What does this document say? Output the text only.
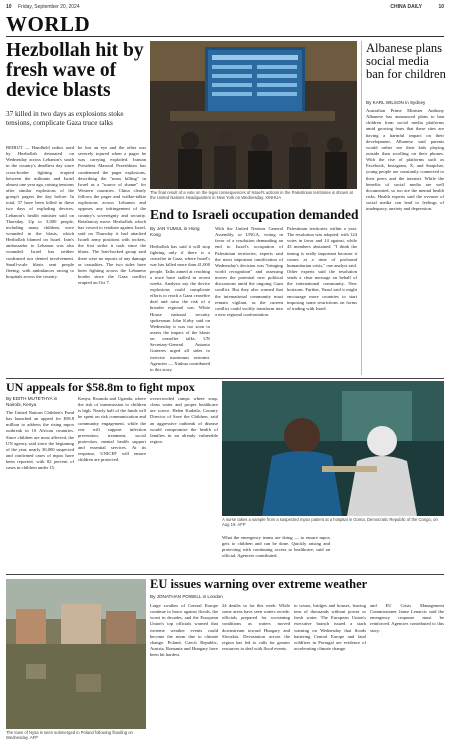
10 Friday, September 20, 2024	CHINA DAILY	10
WORLD
Hezbollah hit by fresh wave of device blasts
37 killed in two days as explosions stoke tensions, complicate Gaza truce talks
BEIRUT — Handheld radios used by Hezbollah detonated on Wednesday across Lebanon's south in the country's deadliest day since cross-border fighting erupted between the militants and Israel almost one year ago, raising tensions after similar explosions of the group's pagers the day before. In total, 37 have been killed in these two days of exploding devices, Lebanon's health minister said on Thursday. Up to 3,000 people, including many children, were wounded in the blasts, which Hezbollah blamed on Israel. Iran's ambassador to Lebanon was also wounded. Israel has neither confirmed nor denied involvement. Small-scale blasts sent people fleeing, with ambulances racing to hospitals across the country.
he lost an eye and the other was severely injured when a pager he was carrying exploded. Iranian President Masoud Pezeshkian has condemned the pager explosions, describing the "mass killing" in Israel as a "source of shame" for Western countries. China clearly follows the pager and walkie-talkie explosions across Lebanon and opposes any infringement of the country's sovereignty and security. Retaliatory move. Hezbollah, which has vowed to retaliate against Israel, said on Thursday it had attacked Israeli army positions with rockets, the first strike it took since the blasts. The Iran-backed group said there were no reports of any damage or casualties. The two sides have been fighting across the Lebanese border since the Gaza conflict erupted on Oct 7.
Hezbollah has said it will stop fighting only if there is a ceasefire in Gaza, where Israel's war has killed more than 41,000 people. Talks aimed at reaching a truce have stalled in recent weeks. Analysts say the device explosions could complicate efforts to reach a Gaza ceasefire deal and raise the risk of a broader regional war. White House national security spokesman John Kirby said on Wednesday it was too soon to assess the impact of the blasts on ceasefire talks. UN Secretary-General Antonio Guterres urged all sides to exercise maximum restraint. Agencies — Xinhua contributed to this story.
The final result of a vote on the legal consequences of Israel's actions in the Palestinian territories is shown at the United Nations Headquarters in New York on Wednesday. XINHUA
End to Israeli occupation demanded
By JAN YUMUL in Hong Kong
With the United Nations General Assembly, or UNGA, voting in favor of a resolution demanding an end to Israel's occupation of Palestinian territories, experts said the most important ramification of Wednesday's decision was "bringing world recognition" and assessing moves the potential new political discussions amid the ongoing Gaza conflict. But they also warned that the international community must remain vigilant, as the current conflict could swiftly transform into a new regional confrontation.
Palestinian territories within a year. The resolution was adopted, with 124 votes in favor and 14 against, while 43 members abstained. "I think the timing is really important because it comes at a time of profound humanitarian crisis," one analyst said. Other experts said the resolution sends a clear message on behalf of the international community. New horizons. Further, Yusuf said it might encourage more countries to start imposing some restrictions on forms of trading with Israel.
Albanese plans social media ban for children
By KARL WILSON in Sydney
Australian Prime Minister Anthony Albanese has announced plans to ban children from social media platforms amid growing fears that these sites are having a harmful impact on their development. Albanese said parents would rather see their kids playing outside than scrolling on their phones. With the rise of platforms such as Facebook, Instagram, X, and Snapchat, young people are constantly connected to their peers and the internet. While the benefits of social media are well documented, so too are the mental health risks. Health experts said the overuse of social media can lead to feelings of inadequacy, anxiety and depression.
UN appeals for $58.8m to fight mpox
By EDITH MUTETHYA in Nairobi, Kenya
The United Nations Children's Fund has launched an appeal for $58.8 million to address the rising mpox outbreak in 16 African countries. Since children are most affected, the UN agency said since the beginning of the year, nearly 30,000 suspected and confirmed cases of mpox have been reported, with 82 percent of cases in children under 15.
Kenya, Rwanda and Uganda, where the risk of transmission to children is high. Nearly half of the funds will be spent on risk communication and community engagement, while the rest will support infection prevention, treatment, social protection, mental health support and essential services. At its response, UNICEF will ensure children are protected.
overcrowded camps where soap, clean water and proper healthcare are scarce. Helen Kadzila, Country Director of Save the Children, said an aggressive outbreak of disease would compromise the health of families in an already vulnerable region.
A nurse takes a sample from a suspected mpox patient at a hospital in Goma, Democratic Republic of the Congo, on Aug 19. AFP
What the emergency teams are doing — to ensure mpox gets to children and can be done. Quickly raising and protecting with continuing access to healthcare, said an official. Agencies contributed.
The town of Nysa is seen submerged in Poland following flooding on Wednesday. AFP
EU issues warning over extreme weather
By JONATHAN POWELL in London
Large swathes of Central Europe continue to brace against floods, the worst in decades, and the European Union's top officials warned that extreme weather events could become the norm due to climate change. Poland, Czech Republic, Austria, Romania and Hungary have been hit hardest.
24 deaths so far this week. While some areas have seen waters recede, officials prepared for worsening conditions as waters moved downstream toward Hungary and Slovakia. Devastation across the region has led to calls for greater resources to deal with flood events.
to towns, bridges and houses, leaving tens of thousands without power or fresh water. The European Union's executive branch issued a stark warning on Wednesday that floods battering Central Europe and fatal wildfires in Portugal are evidence of accelerating climate change.
and EU Crisis Management Commissioner Janez Lenarcic said the emergency response must be reinforced. Agencies contributed to this story.
